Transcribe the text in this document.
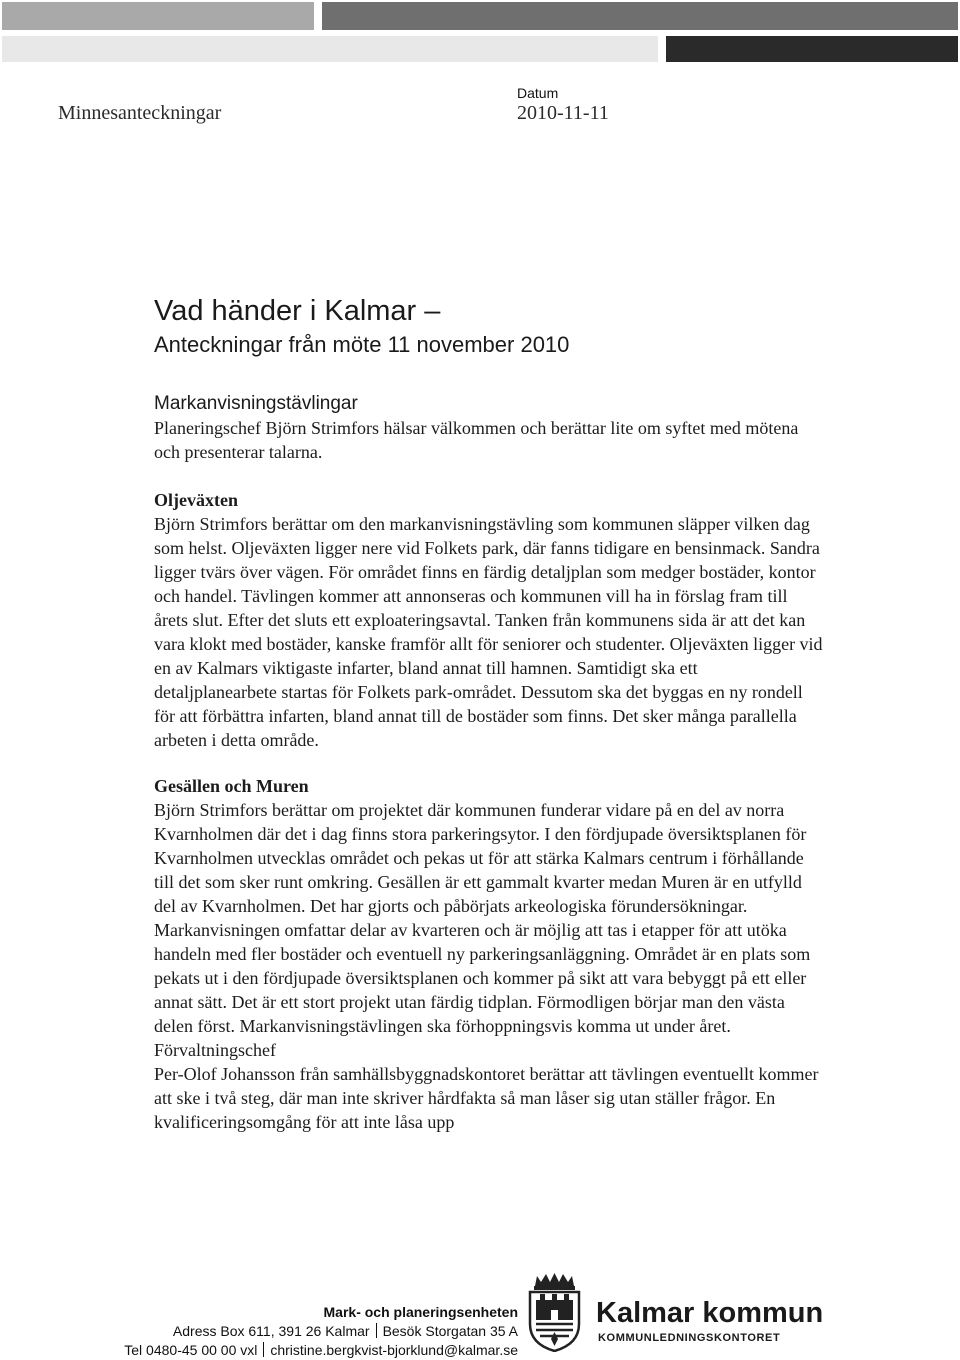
Minnesanteckningar
Datum
2010-11-11
Vad händer i Kalmar –
Anteckningar från möte 11 november 2010
Markanvisningstävlingar

Planeringschef Björn Strimfors hälsar välkommen och berättar lite om syftet med mötena och presenterar talarna.

Oljeväxten

Björn Strimfors berättar om den markanvisningstävling som kommunen släpper vilken dag som helst. Oljeväxten ligger nere vid Folkets park, där fanns tidigare en bensinmack. Sandra ligger tvärs över vägen. För området finns en färdig detaljplan som medger bostäder, kontor och handel. Tävlingen kommer att annonseras och kommunen vill ha in förslag fram till årets slut. Efter det sluts ett exploateringsavtal. Tanken från kommunens sida är att det kan vara klokt med bostäder, kanske framför allt för seniorer och studenter. Oljeväxten ligger vid en av Kalmars viktigaste infarter, bland annat till hamnen. Samtidigt ska ett detaljplanearbete startas för Folkets park-området. Dessutom ska det byggas en ny rondell för att förbättra infarten, bland annat till de bostäder som finns. Det sker många parallella arbeten i detta område.

Gesällen och Muren

Björn Strimfors berättar om projektet där kommunen funderar vidare på en del av norra Kvarnholmen där det i dag finns stora parkeringsytor. I den fördjupade översiktsplanen för Kvarnholmen utvecklas området och pekas ut för att stärka Kalmars centrum i förhållande till det som sker runt omkring. Gesällen är ett gammalt kvarter medan Muren är en utfylld del av Kvarnholmen. Det har gjorts och påbörjats arkeologiska förundersökningar. Markanvisningen omfattar delar av kvarteren och är möjlig att tas i etapper för att utöka handeln med fler bostäder och eventuell ny parkeringsanläggning. Området är en plats som pekats ut i den fördjupade översiktsplanen och kommer på sikt att vara bebyggt på ett eller annat sätt. Det är ett stort projekt utan färdig tidplan. Förmodligen börjar man den västa delen först. Markanvisningstävlingen ska förhoppningsvis komma ut under året.

Förvaltningschef

Per-Olof Johansson från samhällsbyggnadskontoret berättar att tävlingen eventuellt kommer att ske i två steg, där man inte skriver hårdfakta så man låser sig utan ställer frågor. En kvalificeringsomgång för att inte låsa upp

Mark- och planeringsenheten
Adress Box 611, 391 26 Kalmar Besök Storgatan 35 A
Tel 0480-45 00 00 vxl christine.bergkvist-bjorklund@kalmar.se
Kalmar kommun
KOMMUNLEDNINGSKONTORET
